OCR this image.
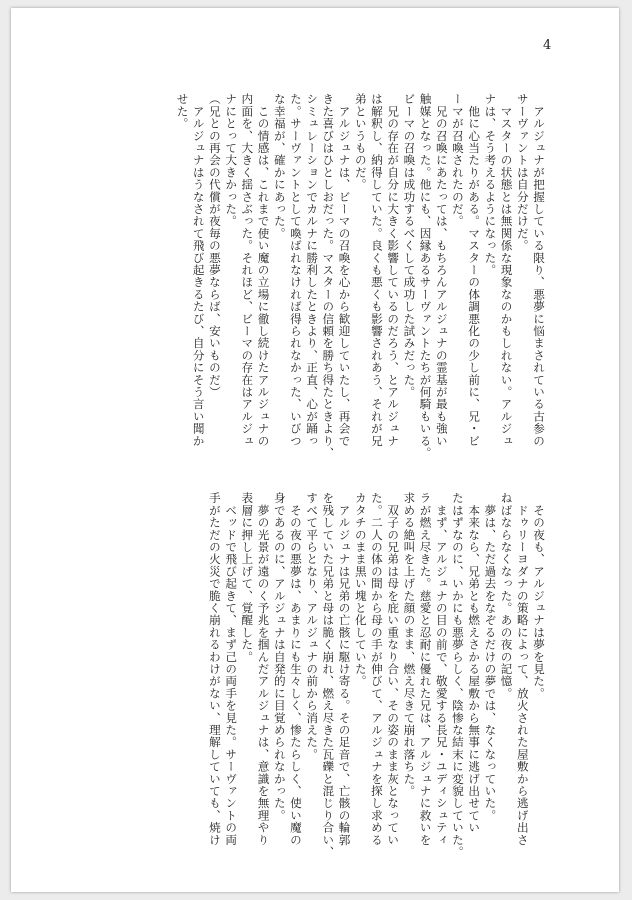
4

　アルジュナが把握している限り、悪夢に悩まされている古参の

サーヴァントは自分だけだ。

　マスターの状態とは無関係な現象なのかもしれない。アルジュ

ナは、そう考えるようになった。

　他に心当たりがある。マスターの体調悪化の少し前に、兄・ビ

ーマが召喚されたのだ。

　兄の召喚にあたっては、もちろんアルジュナの霊基が最も強い

触媒となった。他にも、因縁あるサーヴァントたちが何騎もいる。

ビーマの召喚は成功するべくして成功した試みだった。

　兄の存在が自分に大きく影響しているのだろう、とアルジュナ

は解釈し、納得していた。良くも悪くも影響されあう、それが兄

弟というものだ。

　アルジュナは、ビーマの召喚を心から歓迎していたし、再会で

きた喜びはひとしおだった。マスターの信頼を勝ち得たときより、

シミュレーションでカルナに勝利したときより、正直、心が踊っ

た。サーヴァントとして喚ばれなければ得られなかった、いびつ

な幸福が、確かにあった。

　この情感は、これまで使い魔の立場に徹し続けたアルジュナの

内面を、大きく揺さぶった。それほど、ビーマの存在はアルジュ

ナにとって大きかった。

（兄との再会の代償が夜毎の悪夢ならば、安いものだ）

　アルジュナはうなされて飛び起きるたび、自分にそう言い聞か

せた。

　その夜も、アルジュナは夢を見た。

　ドゥリーヨダナの策略によって、放火された屋敷から逃げ出さ

ねばならなくなった。あの夜の記憶。

　夢は、ただ過去をなぞるだけの夢では、なくなっていた。

　本来なら、兄弟とも燃えさかる屋敷から無事に逃げ出せてい

たはずなのに、いかにも悪夢らしく、陰惨な結末に変貌していた。

　まず、アルジュナの目の前で、敬愛する長兄・ユディシュティ

ラが燃え尽きた。慈愛と忍耐に優れた兄は、アルジュナに救いを

求める絶叫を上げた顔のまま、燃え尽きて崩れ落ちた。

　双子の兄弟は母を庇い重なり合い、その姿のまま灰となってい

た。二人の体の間から母の手が伸びて、アルジュナを探し求める

カタチのまま黒い塊と化していた。

　アルジュナは兄弟の亡骸に駆け寄る。その足音で、亡骸の輪郭

を残していた兄弟と母は脆く崩れ、燃え尽きた瓦礫と混じり合い、

すべて平らとなり、アルジュナの前から消えた。

　その夜の悪夢は、あまりにも生々しく、惨たらしく、使い魔の

身であるのに、アルジュナは自発的に目覚められなかった。

　夢の光景が遠のく予兆を掴んだアルジュナは、意識を無理やり

表層に押し上げて、覚醒した。

　ベッドで飛び起きて、まず己の両手を見た。サーヴァントの両

手がただの火災で脆く崩れるわけがない、理解していても、焼け
